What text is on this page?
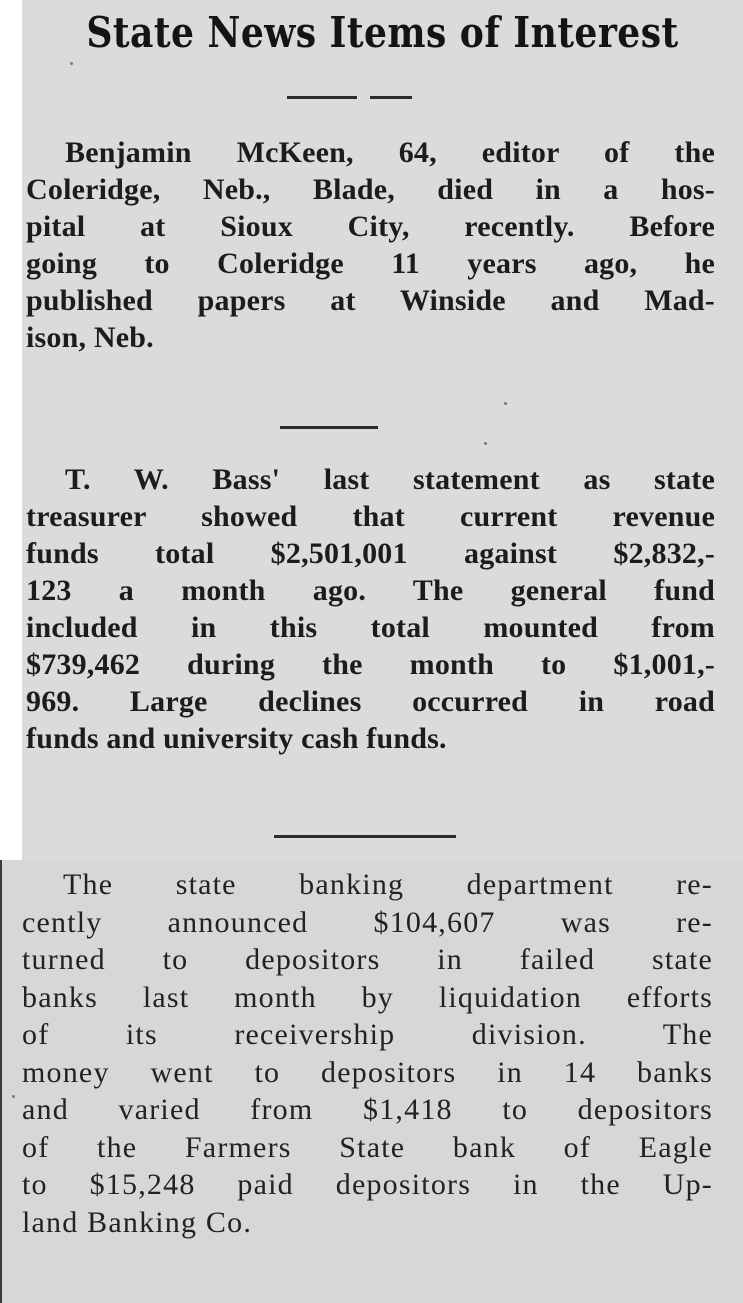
State News Items of Interest
Benjamin McKeen, 64, editor of the
Coleridge, Neb., Blade, died in a hos-
pital at Sioux City, recently. Before
going to Coleridge 11 years ago, he
published papers at Winside and Mad-
ison, Neb.
T. W. Bass' last statement as state
treasurer showed that current revenue
funds total $2,501,001 against $2,832,-
123 a month ago. The general fund
included in this total mounted from
$739,462 during the month to $1,001,-
969. Large declines occurred in road
funds and university cash funds.
The state banking department re-
cently announced $104,607 was re-
turned to depositors in failed state
banks last month by liquidation efforts
of its receivership division. The
money went to depositors in 14 banks
and varied from $1,418 to depositors
of the Farmers State bank of Eagle
to $15,248 paid depositors in the Up-
land Banking Co.
